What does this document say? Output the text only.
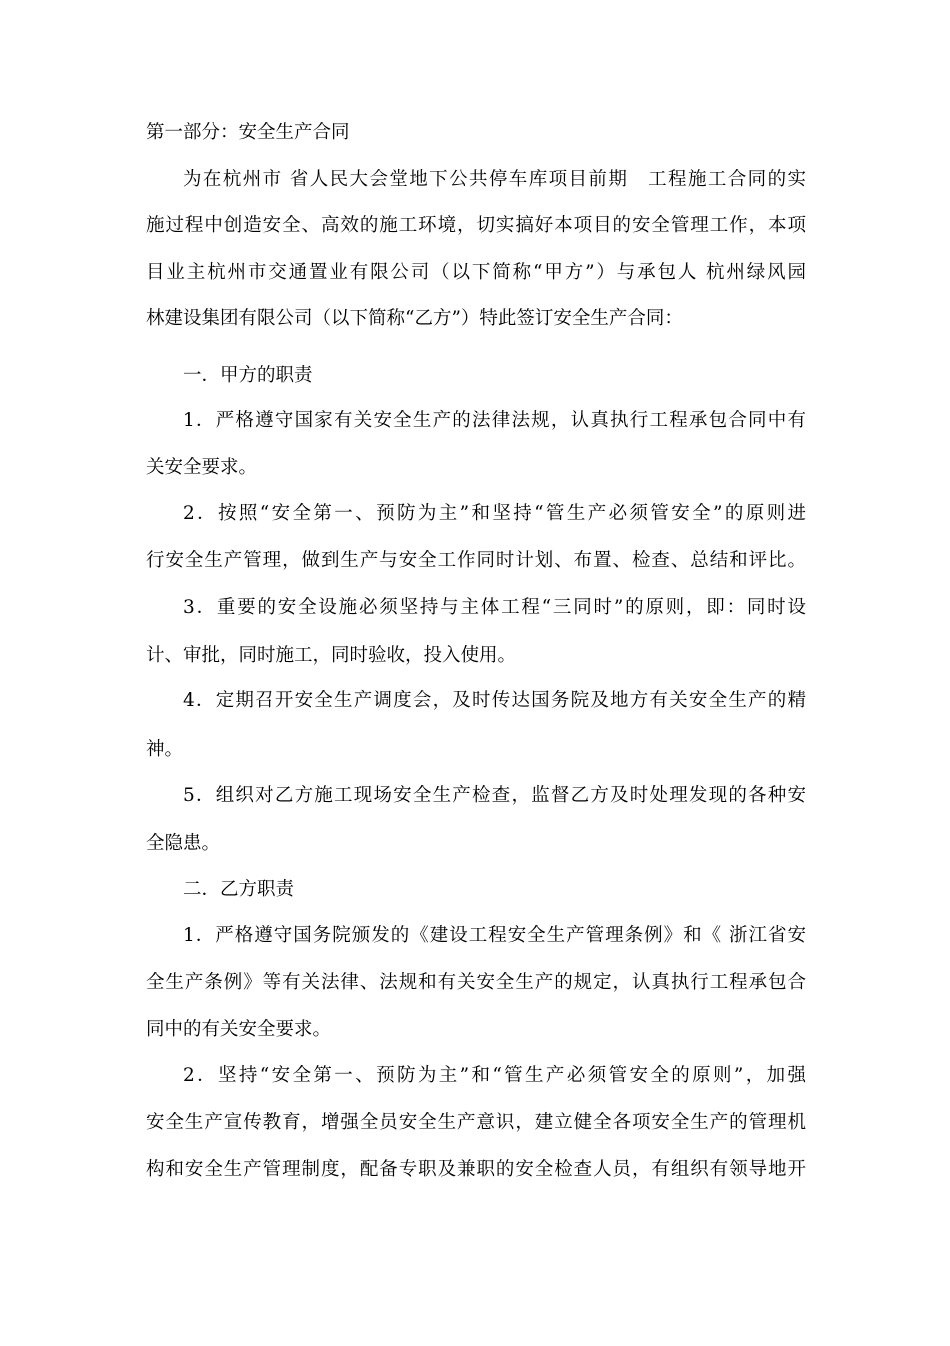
第一部分：安全生产合同
为在杭州市 省人民大会堂地下公共停车库项目前期　工程施工合同的实
施过程中创造安全、高效的施工环境，切实搞好本项目的安全管理工作，本项
目业主杭州市交通置业有限公司（以下简称“甲方”）与承包人 杭州绿风园
林建设集团有限公司（以下简称“乙方”）特此签订安全生产合同：
一．甲方的职责
1．严格遵守国家有关安全生产的法律法规，认真执行工程承包合同中有
关安全要求。
2．按照“安全第一、预防为主”和坚持“管生产必须管安全”的原则进
行安全生产管理，做到生产与安全工作同时计划、布置、检查、总结和评比。
3．重要的安全设施必须坚持与主体工程“三同时”的原则，即：同时设
计、审批，同时施工，同时验收，投入使用。
4．定期召开安全生产调度会，及时传达国务院及地方有关安全生产的精
神。
5．组织对乙方施工现场安全生产检查，监督乙方及时处理发现的各种安
全隐患。
二．乙方职责
1．严格遵守国务院颁发的《建设工程安全生产管理条例》和《 浙江省安
全生产条例》等有关法律、法规和有关安全生产的规定，认真执行工程承包合
同中的有关安全要求。
2．坚持“安全第一、预防为主”和“管生产必须管安全的原则”，加强
安全生产宣传教育，增强全员安全生产意识，建立健全各项安全生产的管理机
构和安全生产管理制度，配备专职及兼职的安全检查人员，有组织有领导地开
